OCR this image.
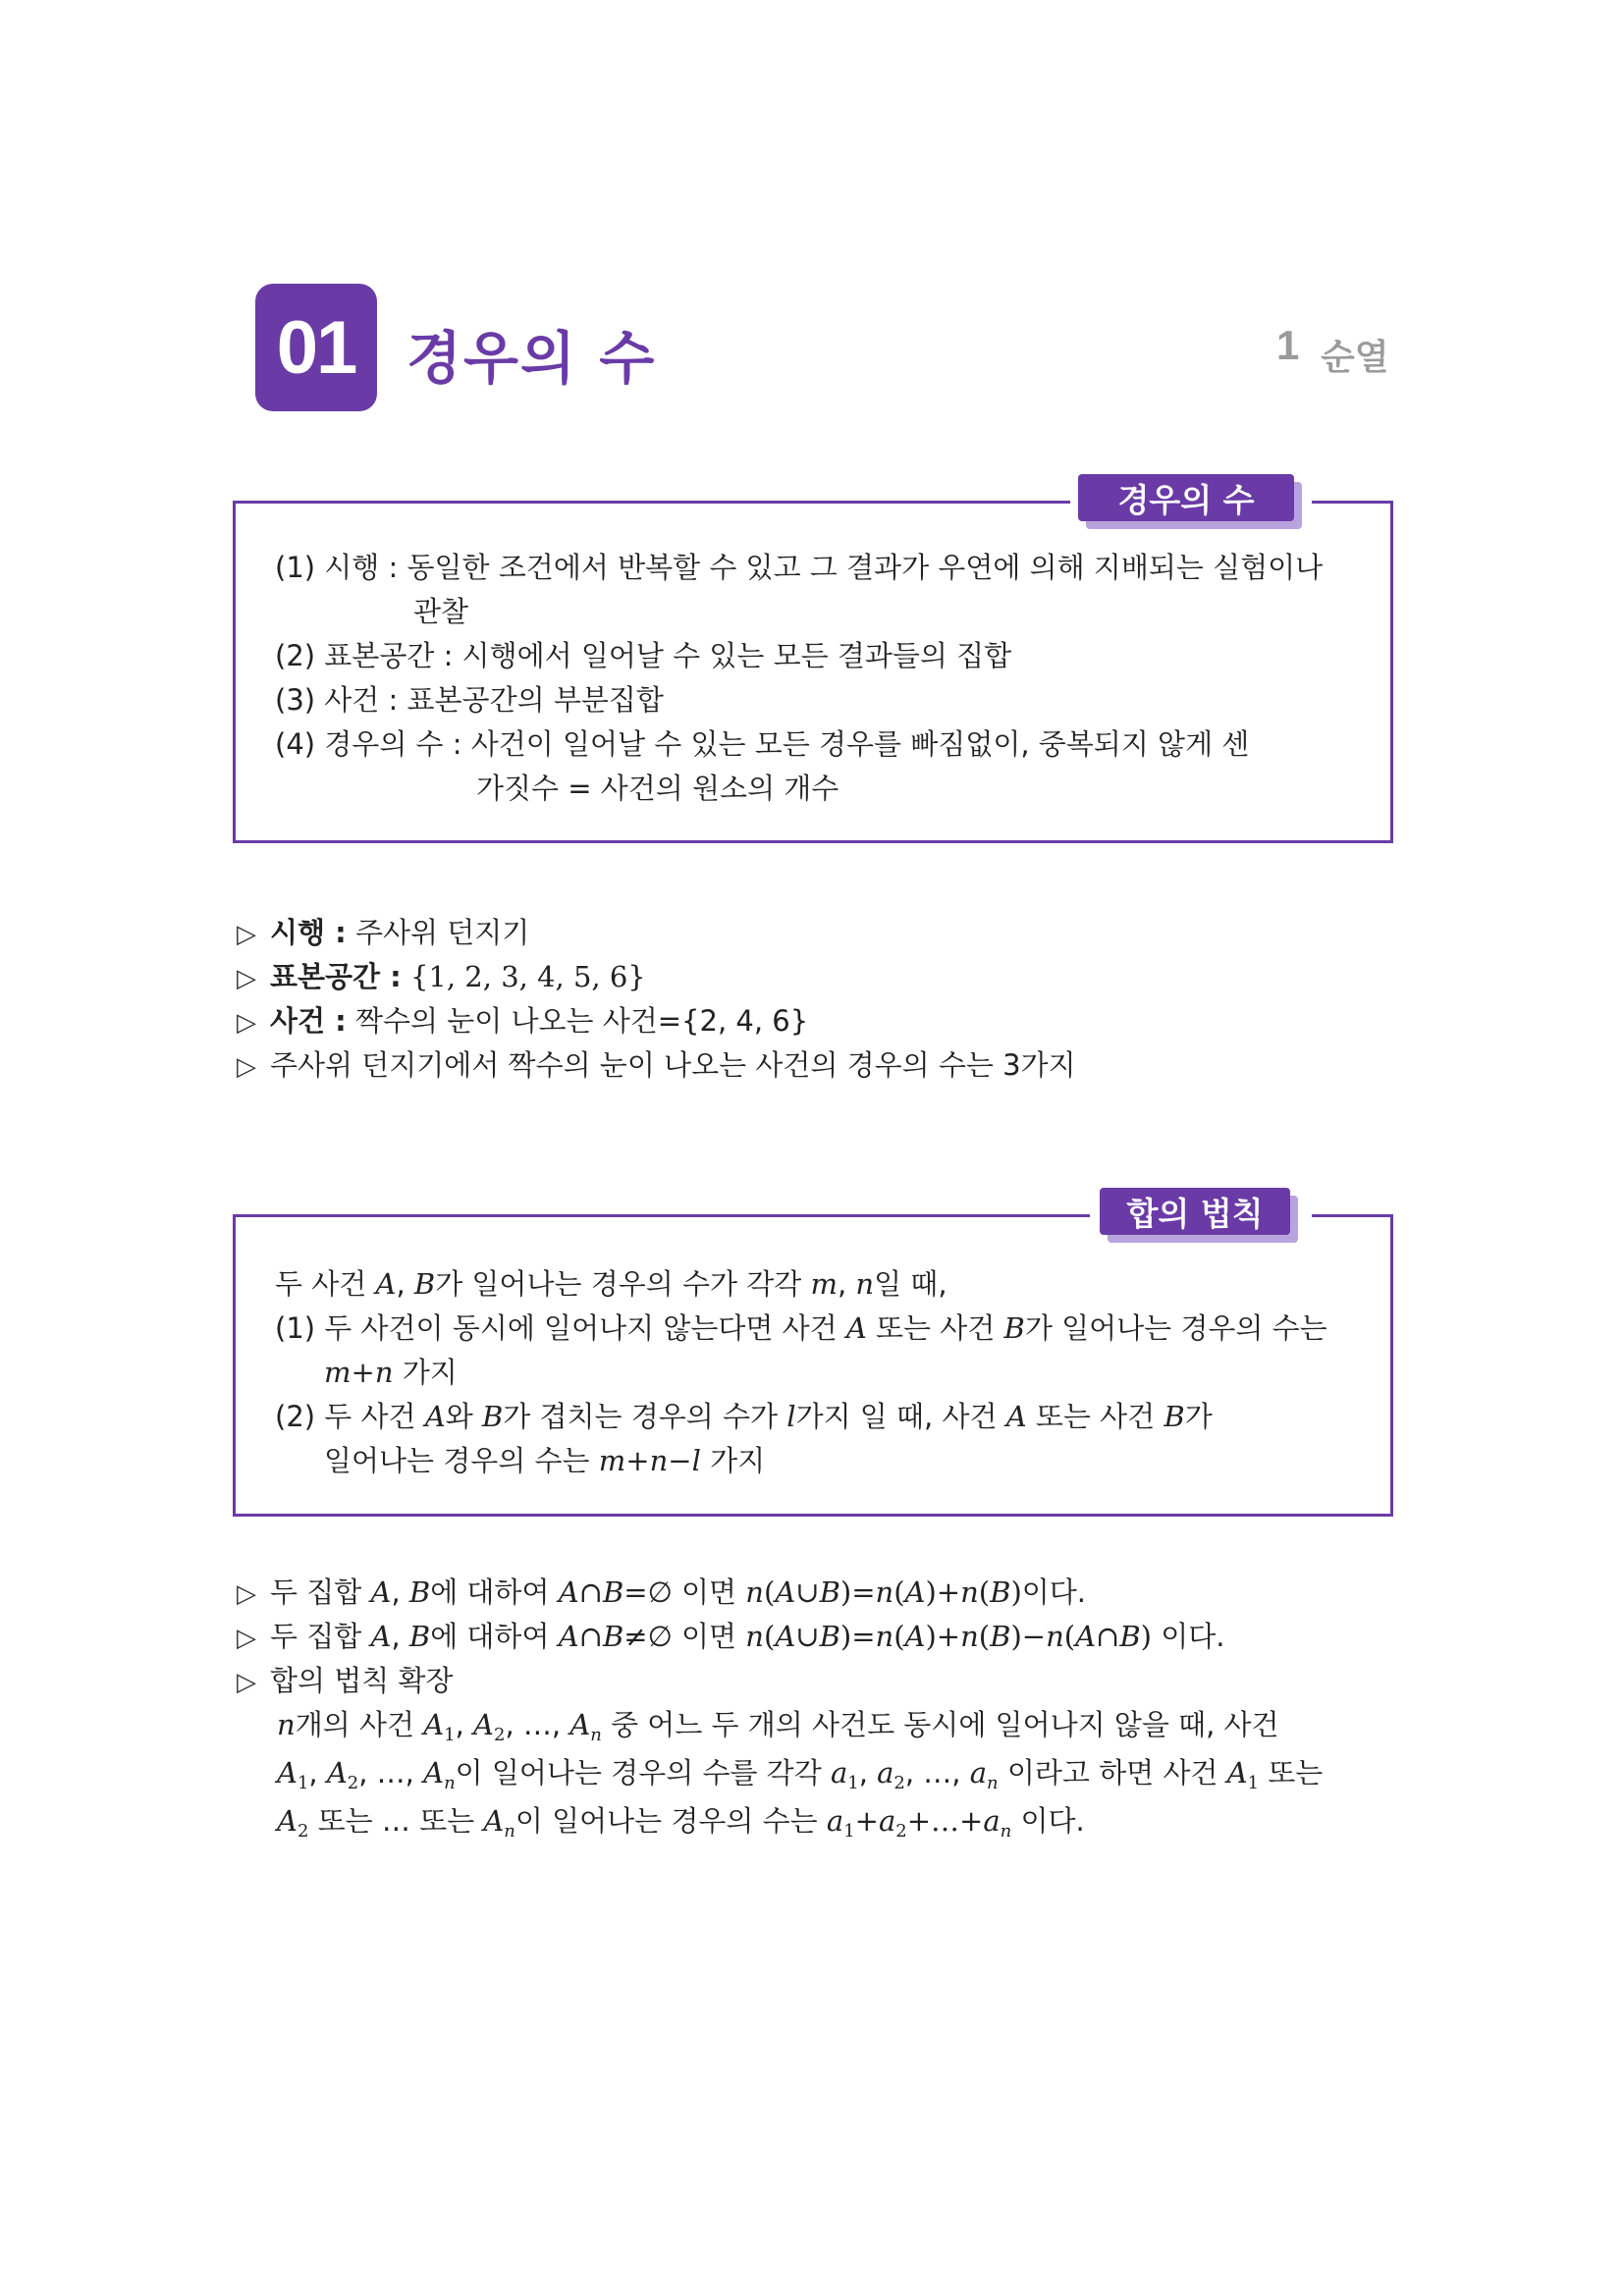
01 경우의 수	1 순열
경우의 수
(1) 시행 : 동일한 조건에서 반복할 수 있고 그 결과가 우연에 의해 지배되는 실험이나
관찰
(2) 표본공간 : 시행에서 일어날 수 있는 모든 결과들의 집합
(3) 사건 : 표본공간의 부분집합
(4) 경우의 수 : 사건이 일어날 수 있는 모든 경우를 빠짐없이, 중복되지 않게 센
가짓수 = 사건의 원소의 개수
▷ 시행 : 주사위 던지기
▷ 표본공간 : {1, 2, 3, 4, 5, 6}
▷ 사건 : 짝수의 눈이 나오는 사건={2, 4, 6}
▷ 주사위 던지기에서 짝수의 눈이 나오는 사건의 경우의 수는 3가지
합의 법칙
두 사건 A, B가 일어나는 경우의 수가 각각 m, n일 때,
(1) 두 사건이 동시에 일어나지 않는다면 사건 A 또는 사건 B가 일어나는 경우의 수는
m+n 가지
(2) 두 사건 A와 B가 겹치는 경우의 수가 l가지 일 때, 사건 A 또는 사건 B가
일어나는 경우의 수는 m+n−l 가지
▷ 두 집합 A, B에 대하여 A∩B=∅ 이면 n(A∪B)=n(A)+n(B)이다.
▷ 두 집합 A, B에 대하여 A∩B≠∅ 이면 n(A∪B)=n(A)+n(B)−n(A∩B) 이다.
▷ 합의 법칙 확장
n개의 사건 $A_1$, $A_2$, …, $A_n$ 중 어느 두 개의 사건도 동시에 일어나지 않을 때, 사건
$A_1$, $A_2$, …, $A_n$이 일어나는 경우의 수를 각각 $a_1$, $a_2$, …, $a_n$ 이라고 하면 사건 $A_1$ 또는
$A_2$ 또는 … 또는 $A_n$이 일어나는 경우의 수는 $a_1+a_2+\dots+a_n$ 이다.
